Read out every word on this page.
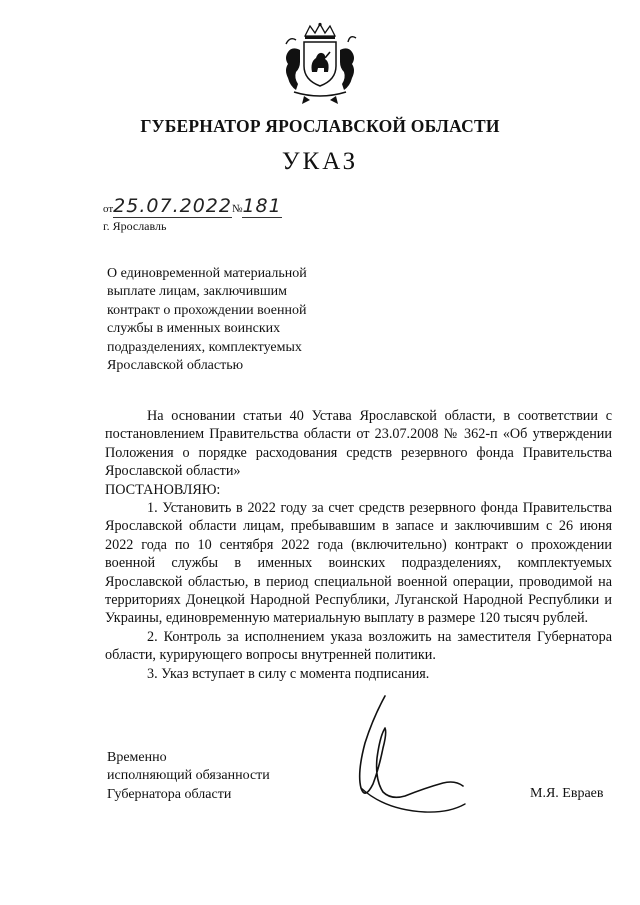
ГУБЕРНАТОР ЯРОСЛАВСКОЙ ОБЛАСТИ
УКАЗ
от25.07.2022№181
г. Ярославль
О единовременной материальной
выплате лицам, заключившим
контракт о прохождении военной
службы в именных воинских
подразделениях, комплектуемых
Ярославской областью

На основании статьи 40 Устава Ярославской области, в соответствии с постановлением Правительства области от 23.07.2008 № 362-п «Об утверждении Положения о порядке расходования средств резервного фонда Правительства Ярославской области»

ПОСТАНОВЛЯЮ:

1. Установить в 2022 году за счет средств резервного фонда Правительства Ярославской области лицам, пребывавшим в запасе и заключившим с 26 июня 2022 года по 10 сентября 2022 года (включительно) контракт о прохождении военной службы в именных воинских подразделениях, комплектуемых Ярославской областью, в период специальной военной операции, проводимой на территориях Донецкой Народной Республики, Луганской Народной Республики и Украины, единовременную материальную выплату в размере 120 тысяч рублей.

2. Контроль за исполнением указа возложить на заместителя Губернатора области, курирующего вопросы внутренней политики.

3. Указ вступает в силу с момента подписания.

Временно
исполняющий обязанности
Губернатора области	М.Я. Евраев
